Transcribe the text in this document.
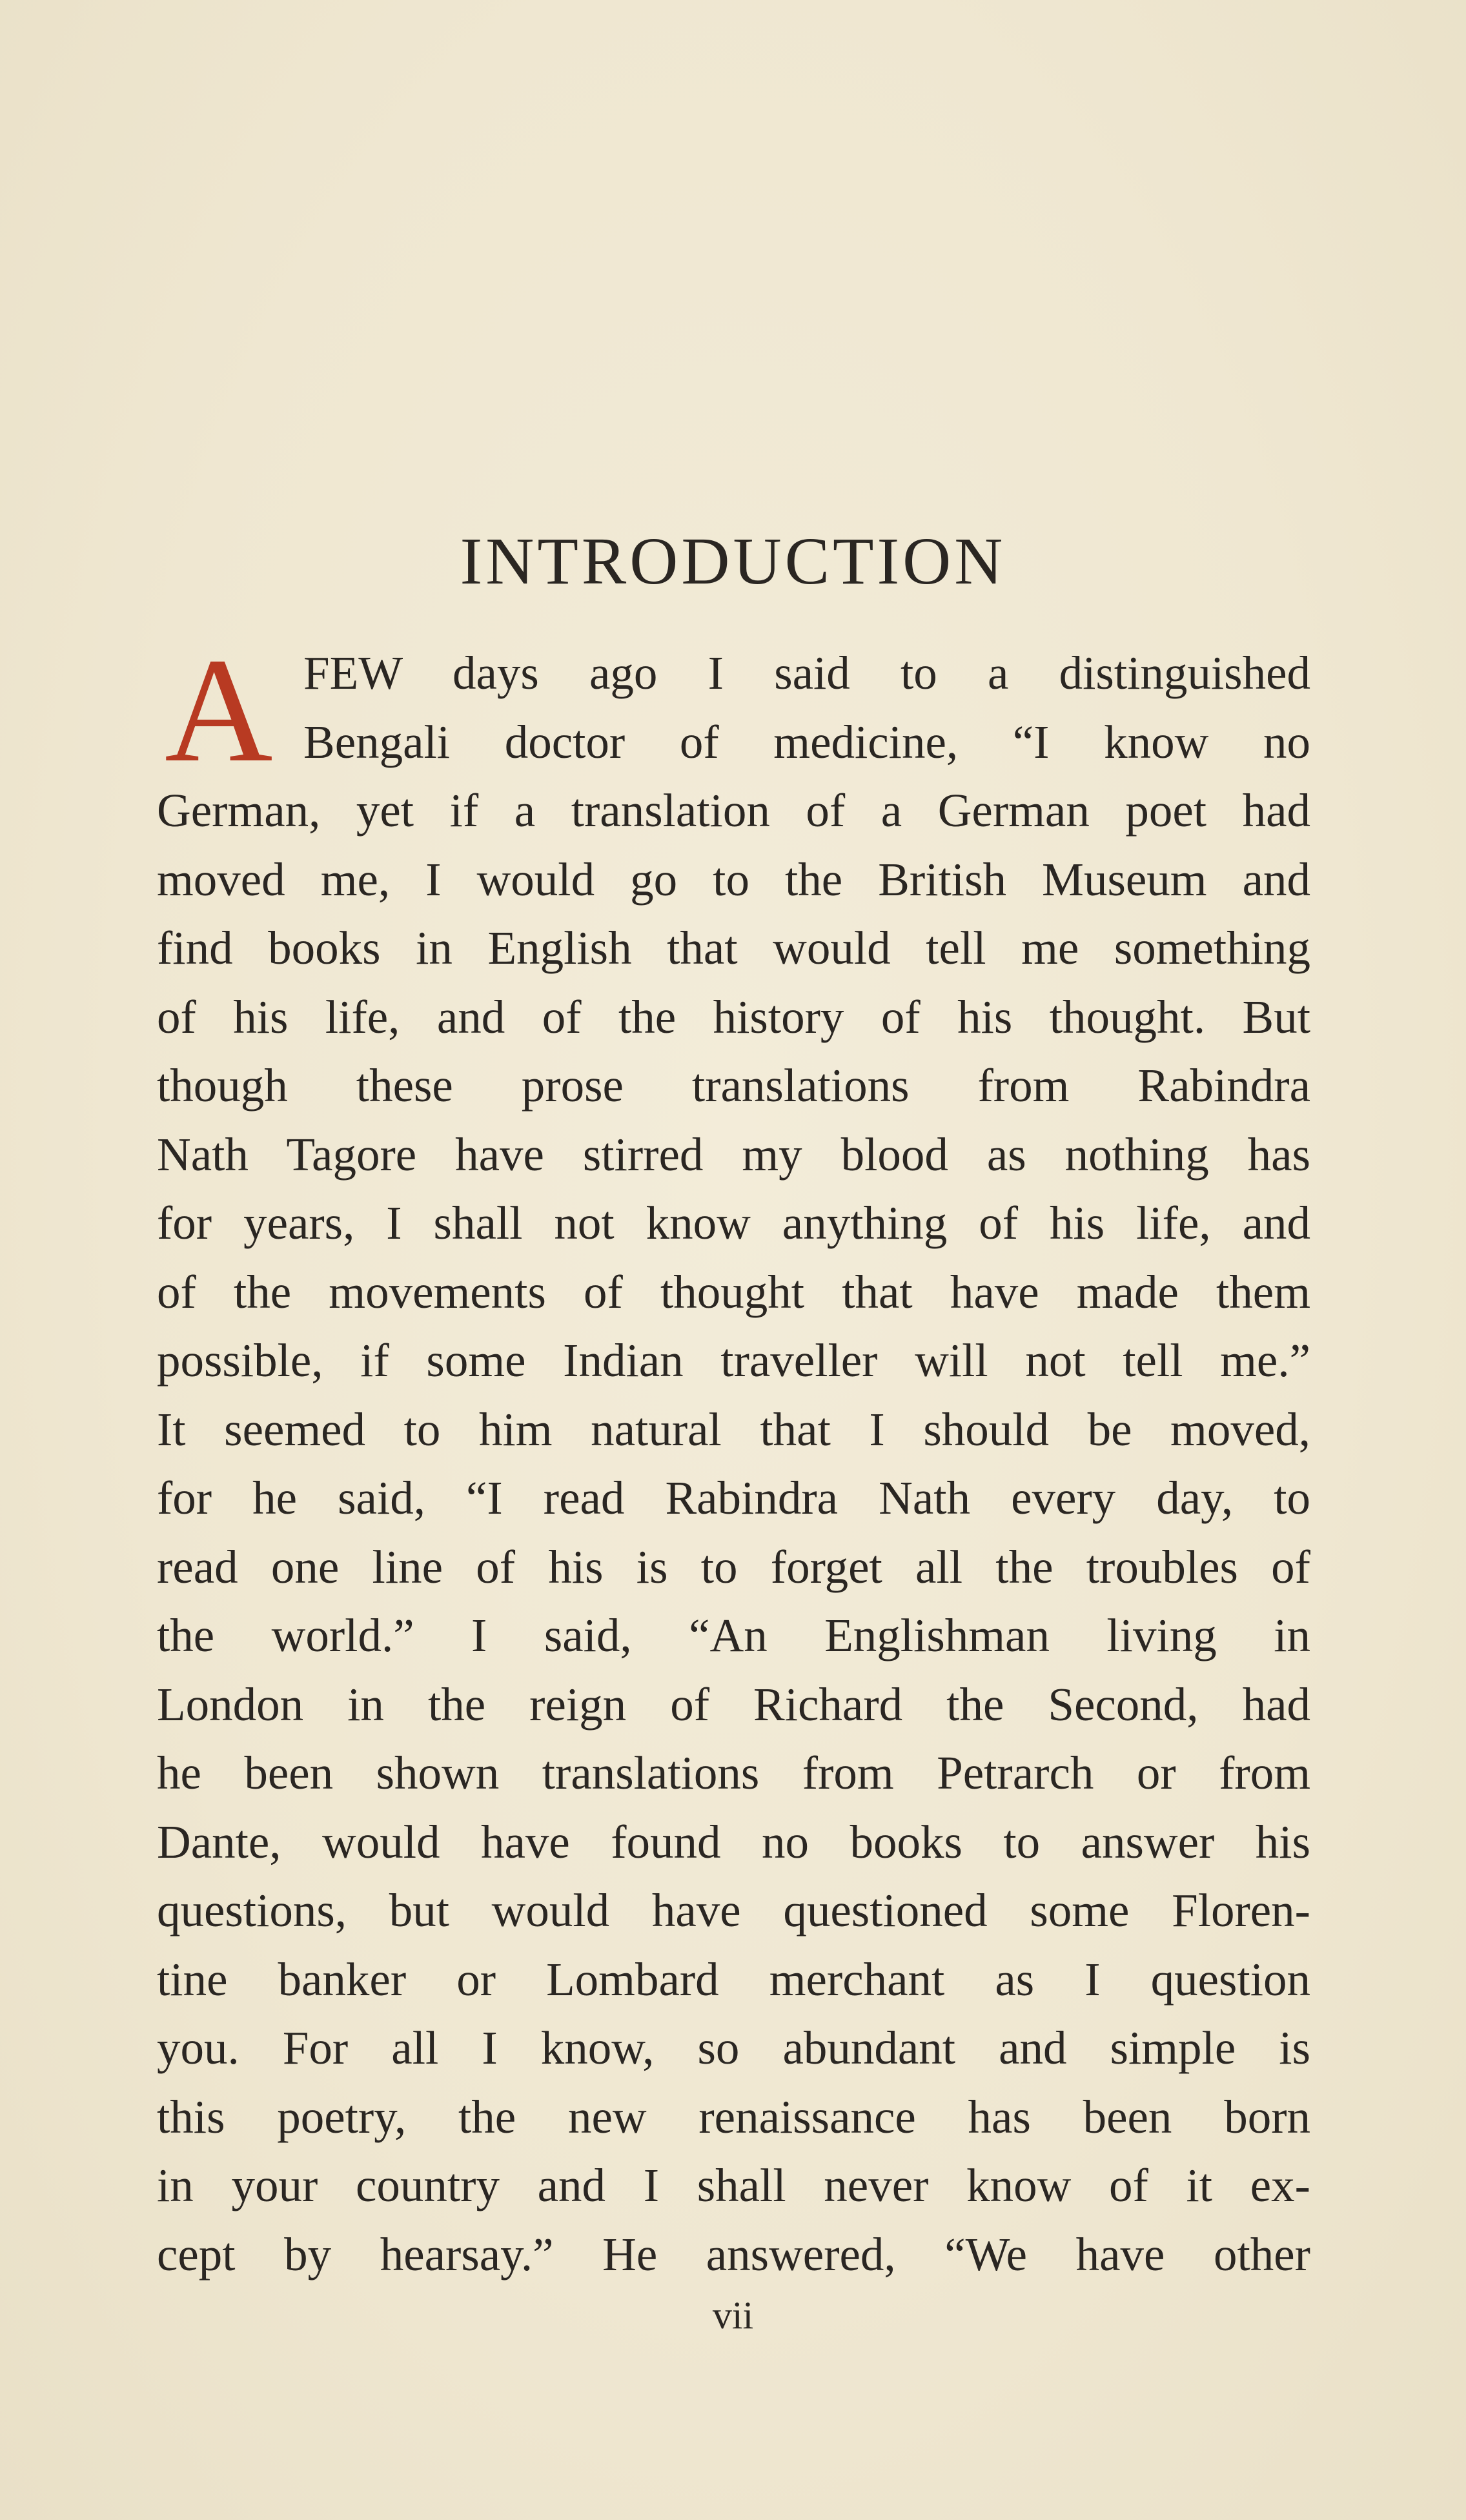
INTRODUCTION
A FEW days ago I said to a distinguished
Bengali doctor of medicine, “I know no
German, yet if a translation of a German poet had
moved me, I would go to the British Museum and
find books in English that would tell me something
of his life, and of the history of his thought. But
though these prose translations from Rabindra
Nath Tagore have stirred my blood as nothing has
for years, I shall not know anything of his life, and
of the movements of thought that have made them
possible, if some Indian traveller will not tell me.”
It seemed to him natural that I should be moved,
for he said, “I read Rabindra Nath every day, to
read one line of his is to forget all the troubles of
the world.” I said, “An Englishman living in
London in the reign of Richard the Second, had
he been shown translations from Petrarch or from
Dante, would have found no books to answer his
questions, but would have questioned some Floren-
tine banker or Lombard merchant as I question
you. For all I know, so abundant and simple is
this poetry, the new renaissance has been born
in your country and I shall never know of it ex-
cept by hearsay.” He answered, “We have other
vii
